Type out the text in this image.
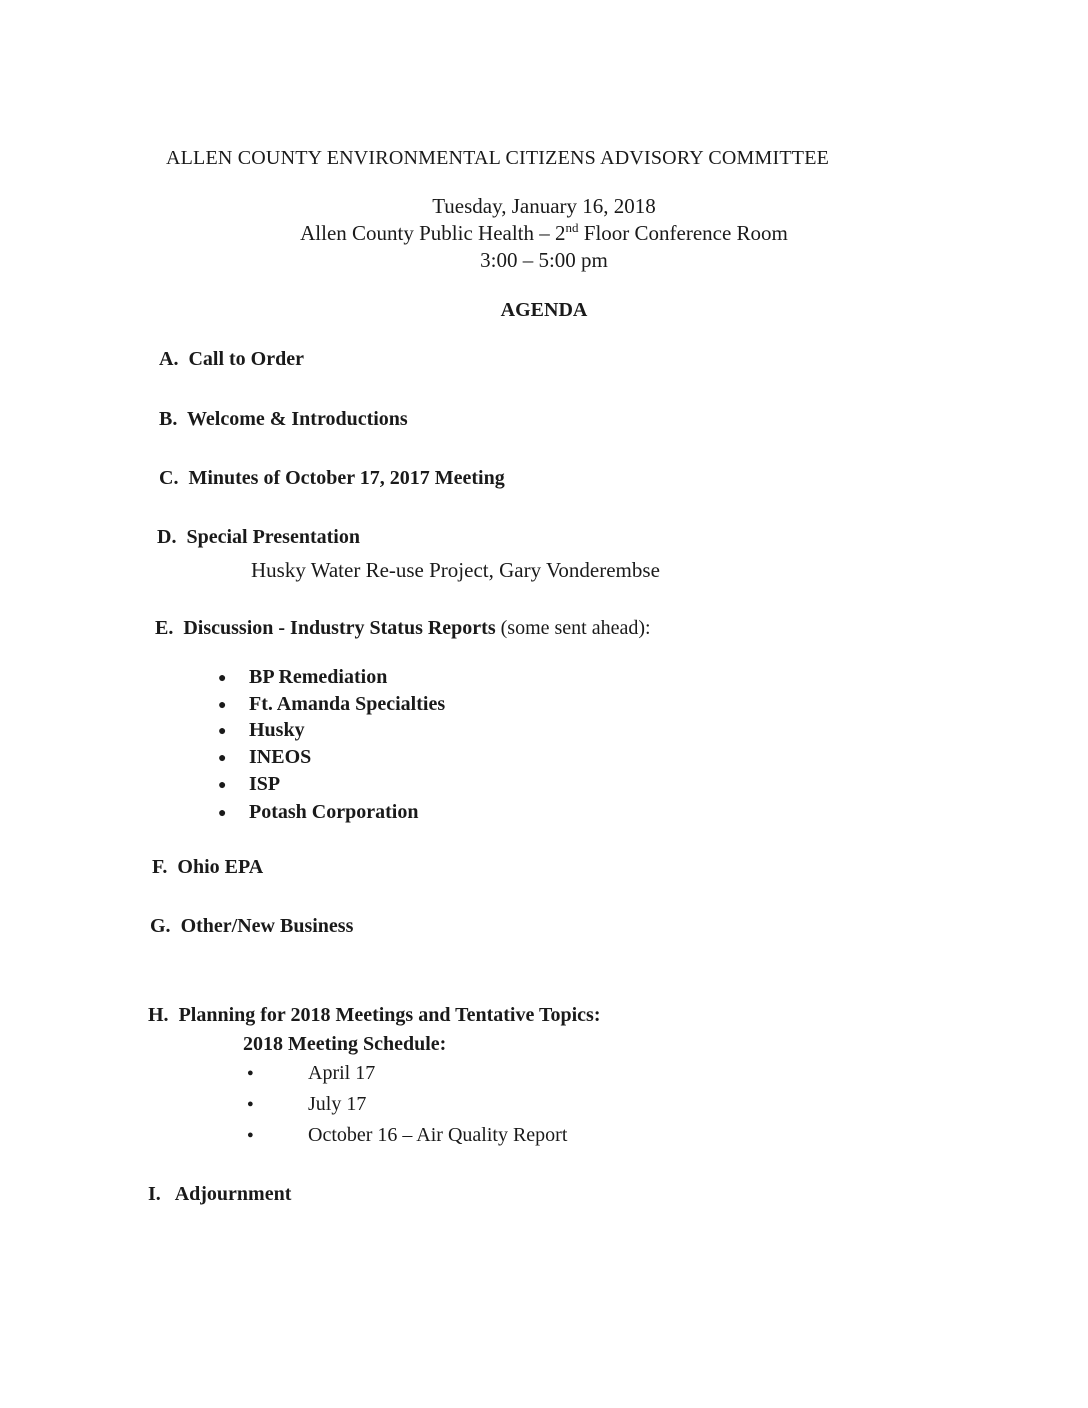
ALLEN COUNTY ENVIRONMENTAL CITIZENS ADVISORY COMMITTEE
Tuesday, January 16, 2018
Allen County Public Health – 2nd Floor Conference Room
3:00 – 5:00 pm
AGENDA
A. Call to Order
B. Welcome & Introductions
C. Minutes of October 17, 2017 Meeting
D. Special Presentation
Husky Water Re-use Project, Gary Vonderembse
E. Discussion - Industry Status Reports (some sent ahead):
● BP Remediation
● Ft. Amanda Specialties
● Husky
● INEOS
● ISP
● Potash Corporation
F. Ohio EPA
G. Other/New Business
H. Planning for 2018 Meetings and Tentative Topics:
2018 Meeting Schedule:
●	April 17
●	July 17
●	October 16 – Air Quality Report
I. Adjournment
